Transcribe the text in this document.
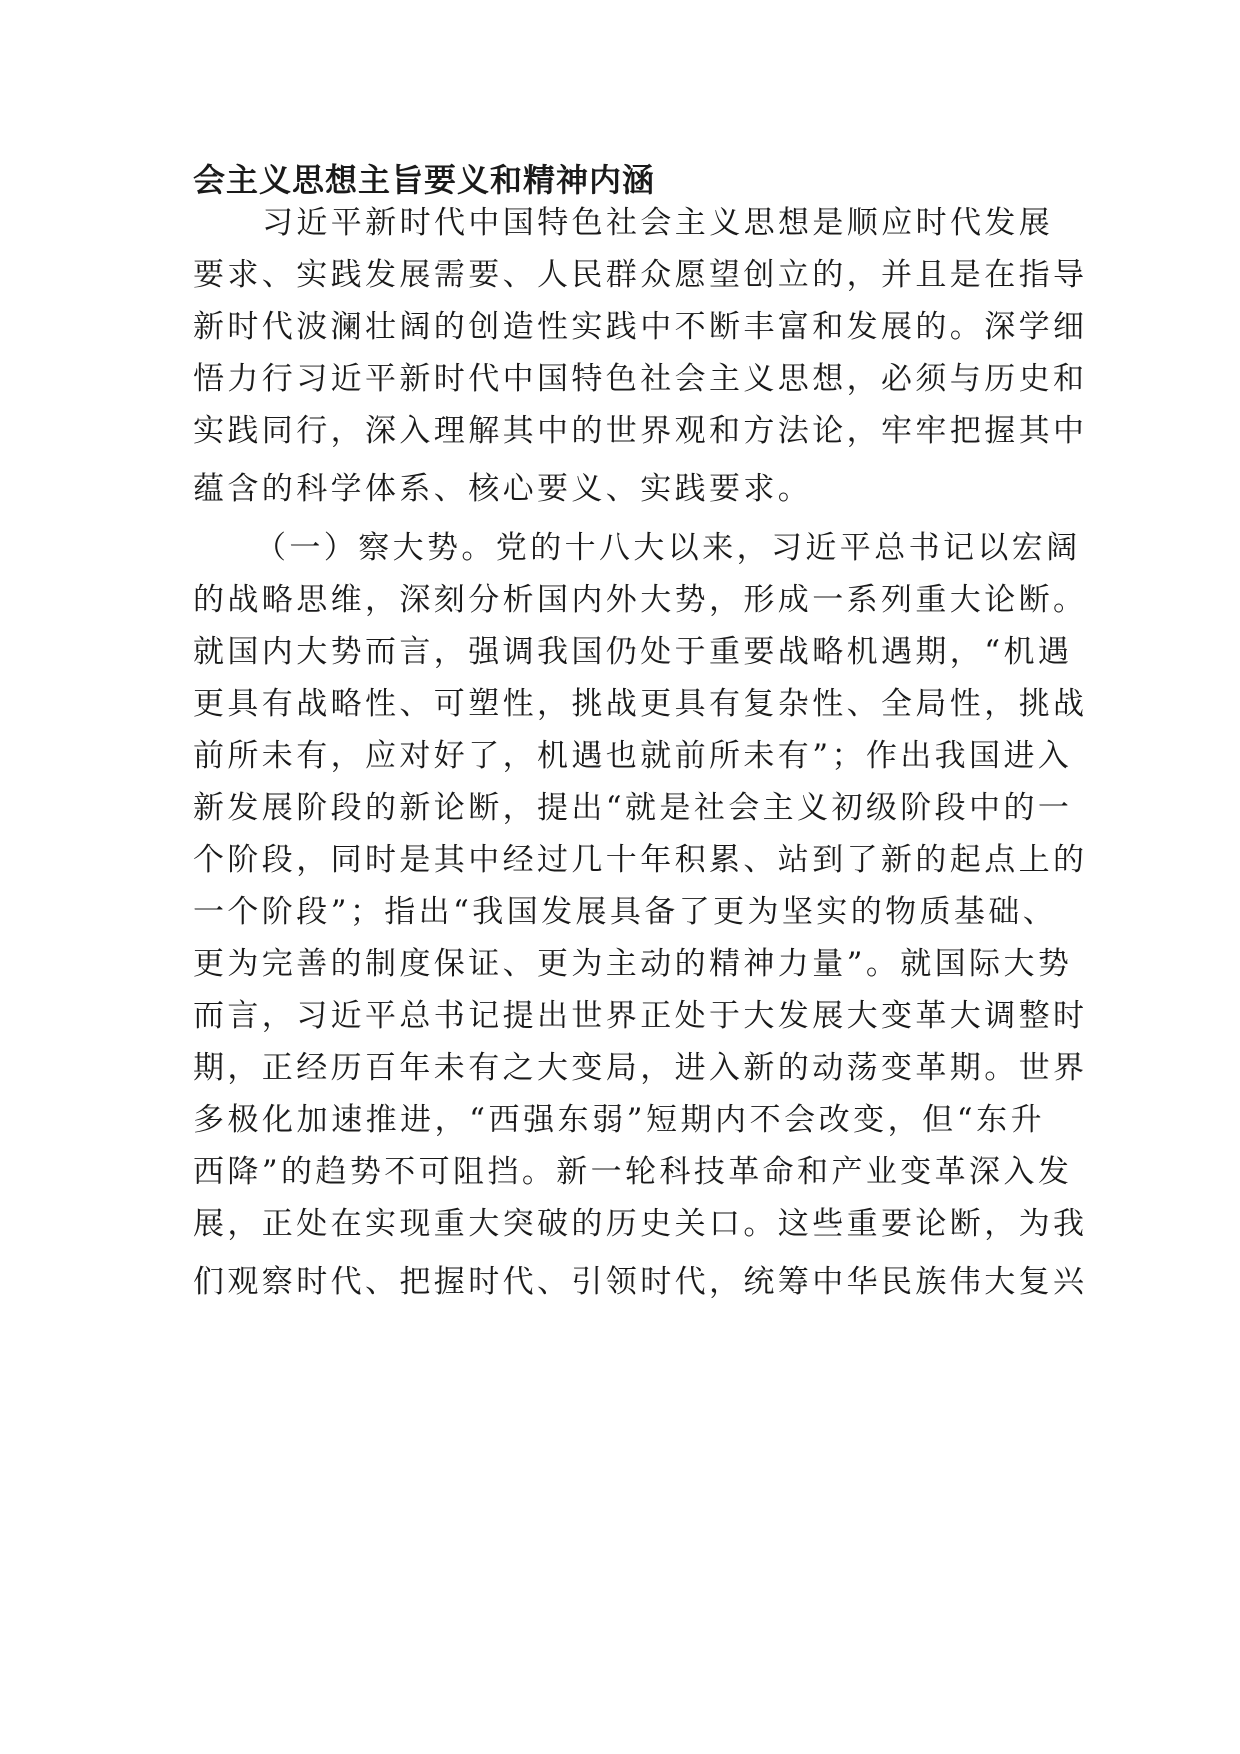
会主义思想主旨要义和精神内涵
习近平新时代中国特色社会主义思想是顺应时代发展
要求、实践发展需要、人民群众愿望创立的，并且是在指导
新时代波澜壮阔的创造性实践中不断丰富和发展的。深学细
悟力行习近平新时代中国特色社会主义思想，必须与历史和
实践同行，深入理解其中的世界观和方法论，牢牢把握其中
蕴含的科学体系、核心要义、实践要求。
（一）察大势。党的十八大以来，习近平总书记以宏阔
的战略思维，深刻分析国内外大势，形成一系列重大论断。
就国内大势而言，强调我国仍处于重要战略机遇期，“机遇
更具有战略性、可塑性，挑战更具有复杂性、全局性，挑战
前所未有，应对好了，机遇也就前所未有”；作出我国进入
新发展阶段的新论断，提出“就是社会主义初级阶段中的一
个阶段，同时是其中经过几十年积累、站到了新的起点上的
一个阶段”；指出“我国发展具备了更为坚实的物质基础、
更为完善的制度保证、更为主动的精神力量”。就国际大势
而言，习近平总书记提出世界正处于大发展大变革大调整时
期，正经历百年未有之大变局，进入新的动荡变革期。世界
多极化加速推进，“西强东弱”短期内不会改变，但“东升
西降”的趋势不可阻挡。新一轮科技革命和产业变革深入发
展，正处在实现重大突破的历史关口。这些重要论断，为我
们观察时代、把握时代、引领时代，统筹中华民族伟大复兴
